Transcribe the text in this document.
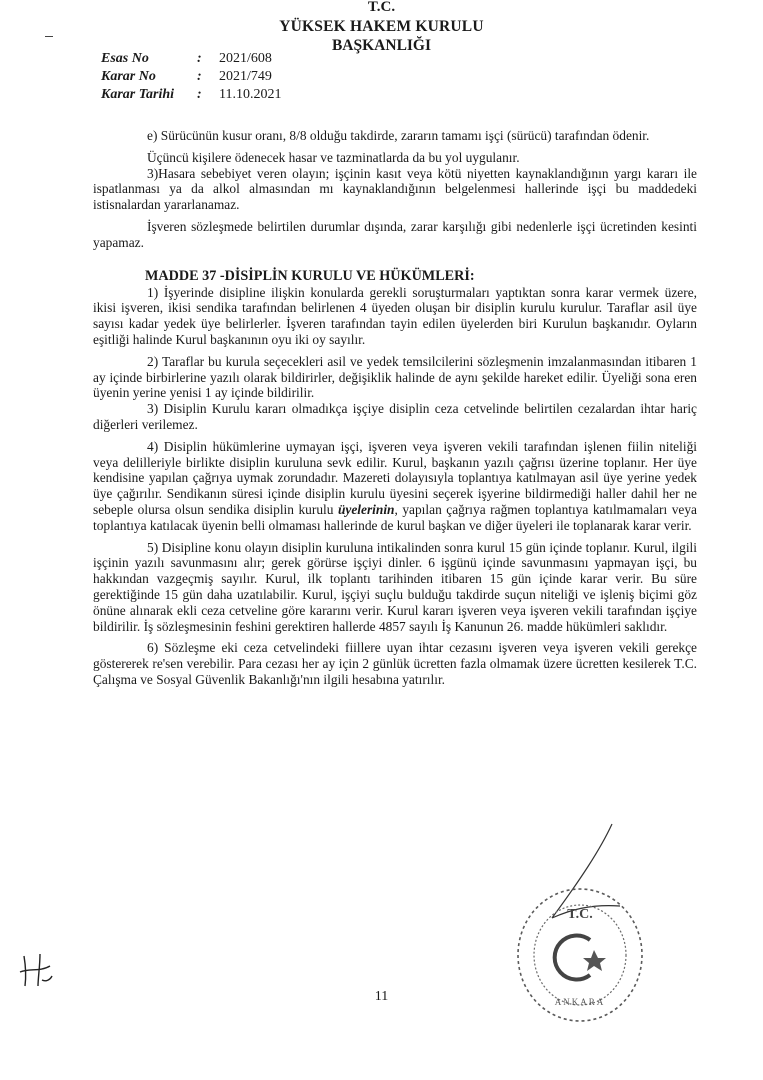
T.C.
YÜKSEK HAKEM KURULU
BAŞKANLIĞI
Esas No	: 2021/608
Karar No	: 2021/749
Karar Tarihi : 11.10.2021

e) Sürücünün kusur oranı, 8/8 olduğu takdirde, zararın tamamı işçi (sürücü) tarafından ödenir.

Üçüncü kişilere ödenecek hasar ve tazminatlarda da bu yol uygulanır.

3)Hasara sebebiyet veren olayın; işçinin kasıt veya kötü niyetten kaynaklandığının yargı kararı ile ispatlanması ya da alkol almasından mı kaynaklandığının belgelenmesi hallerinde işçi bu maddedeki istisnalardan yararlanamaz.

İşveren sözleşmede belirtilen durumlar dışında, zarar karşılığı gibi nedenlerle işçi ücretinden kesinti yapamaz.

MADDE 37 -DİSİPLİN KURULU VE HÜKÜMLERİ:

1) İşyerinde disipline ilişkin konularda gerekli soruşturmaları yaptıktan sonra karar vermek üzere, ikisi işveren, ikisi sendika tarafından belirlenen 4 üyeden oluşan bir disiplin kurulu kurulur. Taraflar asil üye sayısı kadar yedek üye belirlerler. İşveren tarafından tayin edilen üyelerden biri Kurulun başkanıdır. Oyların eşitliği halinde Kurul başkanının oyu iki oy sayılır.

2) Taraflar bu kurula seçecekleri asil ve yedek temsilcilerini sözleşmenin imzalanmasından itibaren 1 ay içinde birbirlerine yazılı olarak bildirirler, değişiklik halinde de aynı şekilde hareket edilir. Üyeliği sona eren üyenin yerine yenisi 1 ay içinde bildirilir.

3) Disiplin Kurulu kararı olmadıkça işçiye disiplin ceza cetvelinde belirtilen cezalardan ihtar hariç diğerleri verilemez.

4) Disiplin hükümlerine uymayan işçi, işveren veya işveren vekili tarafından işlenen fiilin niteliği veya delilleriyle birlikte disiplin kuruluna sevk edilir. Kurul, başkanın yazılı çağrısı üzerine toplanır. Her üye kendisine yapılan çağrıya uymak zorundadır. Mazereti dolayısıyla toplantıya katılmayan asil üye yerine yedek üye çağırılır. Sendikanın süresi içinde disiplin kurulu üyesini seçerek işyerine bildirmediği haller dahil her ne sebeple olursa olsun sendika disiplin kurulu üyelerinin, yapılan çağrıya rağmen toplantıya katılmamaları veya toplantıya katılacak üyenin belli olmaması hallerinde de kurul başkan ve diğer üyeleri ile toplanarak karar verir.

5) Disipline konu olayın disiplin kuruluna intikalinden sonra kurul 15 gün içinde toplanır. Kurul, ilgili işçinin yazılı savunmasını alır; gerek görürse işçiyi dinler. 6 işgünü içinde savunmasını yapmayan işçi, bu hakkından vazgeçmiş sayılır. Kurul, ilk toplantı tarihinden itibaren 15 gün içinde karar verir. Bu süre gerektiğinde 15 gün daha uzatılabilir. Kurul, işçiyi suçlu bulduğu takdirde suçun niteliği ve işleniş biçimi göz önüne alınarak ekli ceza cetveline göre kararını verir. Kurul kararı işveren veya işveren vekili tarafından işçiye bildirilir. İş sözleşmesinin feshini gerektiren hallerde 4857 sayılı İş Kanunun 26. madde hükümleri saklıdır.

6) Sözleşme eki ceza cetvelindeki fiillere uyan ihtar cezasını işveren veya işveren vekili gerekçe göstererek re'sen verebilir. Para cezası her ay için 2 günlük ücretten fazla olmamak üzere ücretten kesilerek T.C. Çalışma ve Sosyal Güvenlik Bakanlığı'nın ilgili hesabına yatırılır.

T.C.
ANKARA
11
